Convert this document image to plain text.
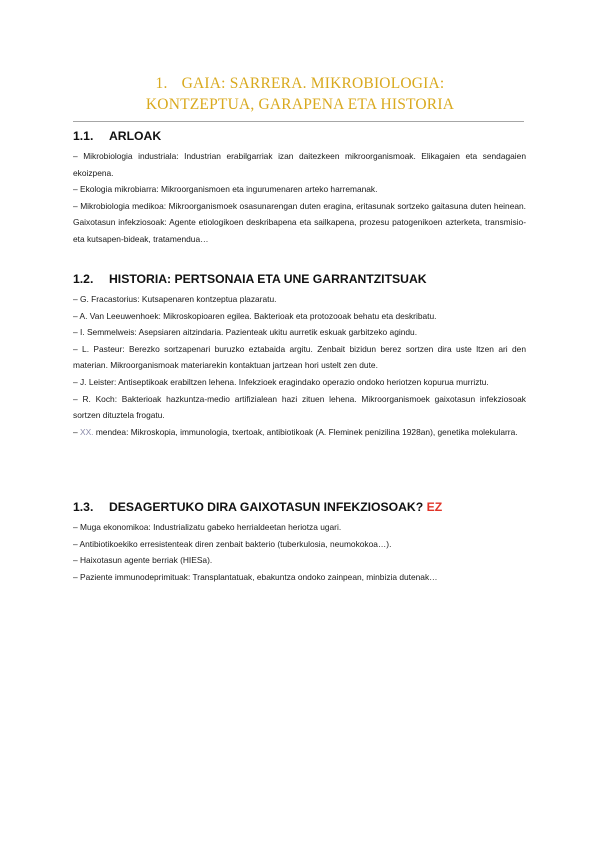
1. GAIA: SARRERA. MIKROBIOLOGIA:
KONTZEPTUA, GARAPENA ETA HISTORIA
1.1. ARLOAK
– Mikrobiologia industriala: Industrian erabilgarriak izan daitezkeen mikroorganismoak. Elikagaien eta sendagaien ekoizpena.
– Ekologia mikrobiarra: Mikroorganismoen eta ingurumenaren arteko harremanak.
– Mikrobiologia medikoa: Mikroorganismoek osasunarengan duten eragina, eritasunak sortzeko gaitasuna duten heinean. Gaixotasun infekziosoak: Agente etiologikoen deskribapena eta sailkapena, prozesu patogenikoen azterketa, transmisio- eta kutsapen-bideak, tratamendua…
1.2. HISTORIA: PERTSONAIA ETA UNE GARRANTZITSUAK
– G. Fracastorius: Kutsapenaren kontzeptua plazaratu.
– A. Van Leeuwenhoek: Mikroskopioaren egilea. Bakterioak eta protozooak behatu eta deskribatu.
– I. Semmelweis: Asepsiaren aitzindaria. Pazienteak ukitu aurretik eskuak garbitzeko agindu.
– L. Pasteur: Berezko sortzapenari buruzko eztabaida argitu. Zenbait bizidun berez sortzen dira uste ltzen ari den materian. Mikroorganismoak materiarekin kontaktuan jartzean hori ustelt zen dute.
– J. Leister: Antiseptikoak erabiltzen lehena. Infekzioek eragindako operazio ondoko heriotzen kopurua murriztu.
– R. Koch: Bakterioak hazkuntza-medio artifizialean hazi zituen lehena. Mikroorganismoek gaixotasun infekziosoak sortzen dituztela frogatu.
– XX. mendea: Mikroskopia, immunologia, txertoak, antibiotikoak (A. Fleminek penizilina 1928an), genetika molekularra.
1.3. DESAGERTUKO DIRA GAIXOTASUN INFEKZIOSOAK? EZ
– Muga ekonomikoa: Industrializatu gabeko herrialdeetan heriotza ugari.
– Antibiotikoekiko erresistenteak diren zenbait bakterio (tuberkulosia, neumokokoa…).
– Haixotasun agente berriak (HIESa).
– Paziente immunodeprimituak: Transplantatuak, ebakuntza ondoko zainpean, minbizia dutenak…
